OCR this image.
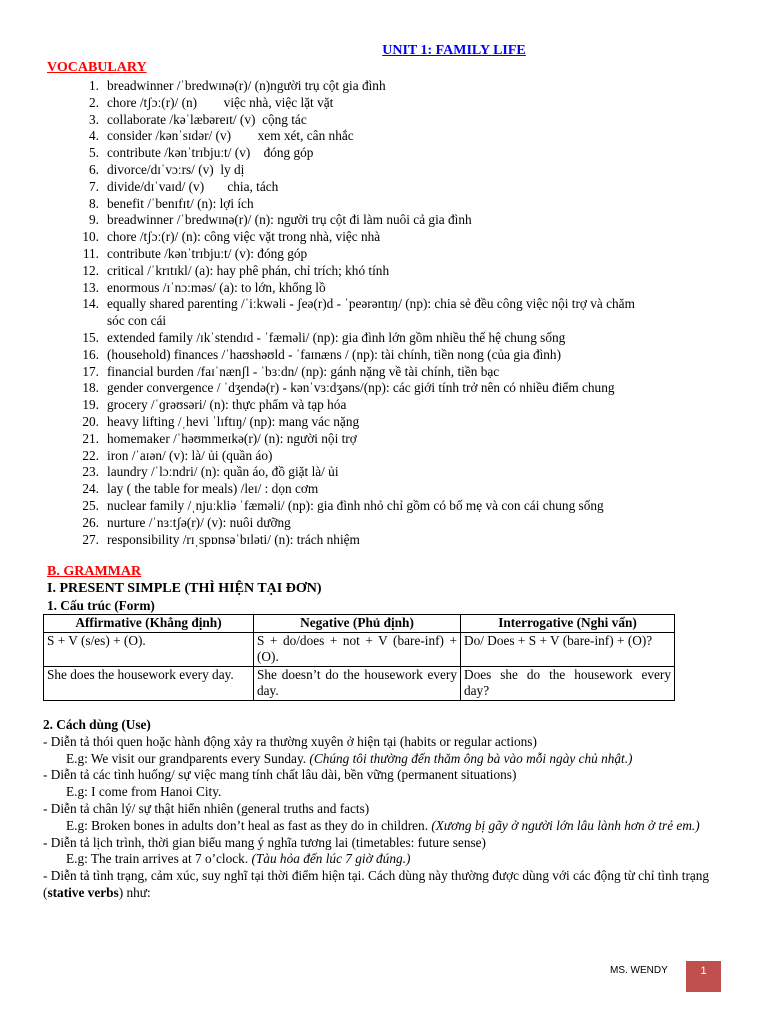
UNIT 1: FAMILY LIFE
VOCABULARY
1. breadwinner /ˈbredwɪnə(r)/ (n)người trụ cột gia đình
2. chore /tʃɔː(r)/ (n)        việc nhà, việc lặt vặt
3. collaborate /kəˈlæbəreɪt/ (v)  cộng tác
4. consider /kənˈsɪdər/ (v)        xem xét, cân nhắc
5. contribute /kənˈtrɪbjuːt/ (v)    đóng góp
6. divorce/dɪˈvɔːrs/ (v)  ly dị
7. divide/dɪˈvaɪd/ (v)       chia, tách
8. benefit /ˈbenɪfɪt/ (n): lợi ích
9. breadwinner /ˈbredwɪnə(r)/ (n): người trụ cột đi làm nuôi cả gia đình
10. chore /tʃɔː(r)/ (n): công việc vặt trong nhà, việc nhà
11. contribute /kənˈtrɪbjuːt/ (v): đóng góp
12. critical /ˈkrɪtɪkl/ (a): hay phê phán, chỉ trích; khó tính
13. enormous /ɪˈnɔːməs/ (a): to lớn, khổng lồ
14. equally shared parenting /ˈiːkwəli - ʃeə(r)d - ˈpeərəntɪŋ/ (np): chia sẻ đều công việc nội trợ và chăm
sóc con cái
15. extended family /ɪkˈstendɪd - ˈfæməli/ (np): gia đình lớn gồm nhiều thế hệ chung sống
16. (household) finances /ˈhaʊshəʊld - ˈfaɪnæns / (np): tài chính, tiền nong (của gia đình)
17. financial burden /faɪˈnænʃl - ˈbɜːdn/ (np): gánh nặng về tài chính, tiền bạc
18. gender convergence / ˈdʒendə(r) - kənˈvɜːdʒəns/(np): các giới tính trở nên có nhiều điểm chung
19. grocery /ˈɡrəʊsəri/ (n): thực phẩm và tạp hóa
20. heavy lifting /ˌhevi ˈlɪftɪŋ/ (np): mang vác nặng
21. homemaker /ˈhəʊmmeɪkə(r)/ (n): người nội trợ
22. iron /ˈaɪən/ (v): là/ ủi (quần áo)
23. laundry /ˈlɔːndri/ (n): quần áo, đồ giặt là/ ủi
24. lay ( the table for meals) /leɪ/ : dọn cơm
25. nuclear family /ˌnjuːkliə ˈfæməli/ (np): gia đình nhỏ chỉ gồm có bố mẹ và con cái chung sống
26. nurture /ˈnɜːtʃə(r)/ (v): nuôi dưỡng
27. responsibility /rɪˌspɒnsəˈbɪləti/ (n): trách nhiệm
B. GRAMMAR
I. PRESENT SIMPLE (THÌ HIỆN TẠI ĐƠN)
1. Cấu trúc (Form)
Affirmative (Khẳng định)	Negative (Phủ định)	Interrogative (Nghi vấn)
S + V (s/es) + (O).	S + do/does + not + V (bare-inf) + (O).	Do/ Does + S + V (bare-inf) + (O)?
She does the housework every day.	She doesn’t do the housework every day.	Does she do the housework every day?

2. Cách dùng (Use)

- Diễn tả thói quen hoặc hành động xảy ra thường xuyên ở hiện tại (habits or regular actions)

E.g: We visit our grandparents every Sunday. (Chúng tôi thường đến thăm ông bà vào mỗi ngày chủ nhật.)

- Diễn tả các tình huống/ sự việc mang tính chất lâu dài, bền vững (permanent situations)

E.g: I come from Hanoi City.

- Diễn tả chân lý/ sự thật hiển nhiên (general truths and facts)

E.g: Broken bones in adults don’t heal as fast as they do in children. (Xương bị gãy ở người lớn lâu lành hơn ở trẻ em.)

- Diễn tả lịch trình, thời gian biểu mang ý nghĩa tương lai (timetables: future sense)

E.g: The train arrives at 7 o’clock. (Tàu hỏa đến lúc 7 giờ đúng.)

- Diễn tả tình trạng, cảm xúc, suy nghĩ tại thời điểm hiện tại. Cách dùng này thường được dùng với các động từ chỉ tình trạng (stative verbs) như:

MS. WENDY	1
